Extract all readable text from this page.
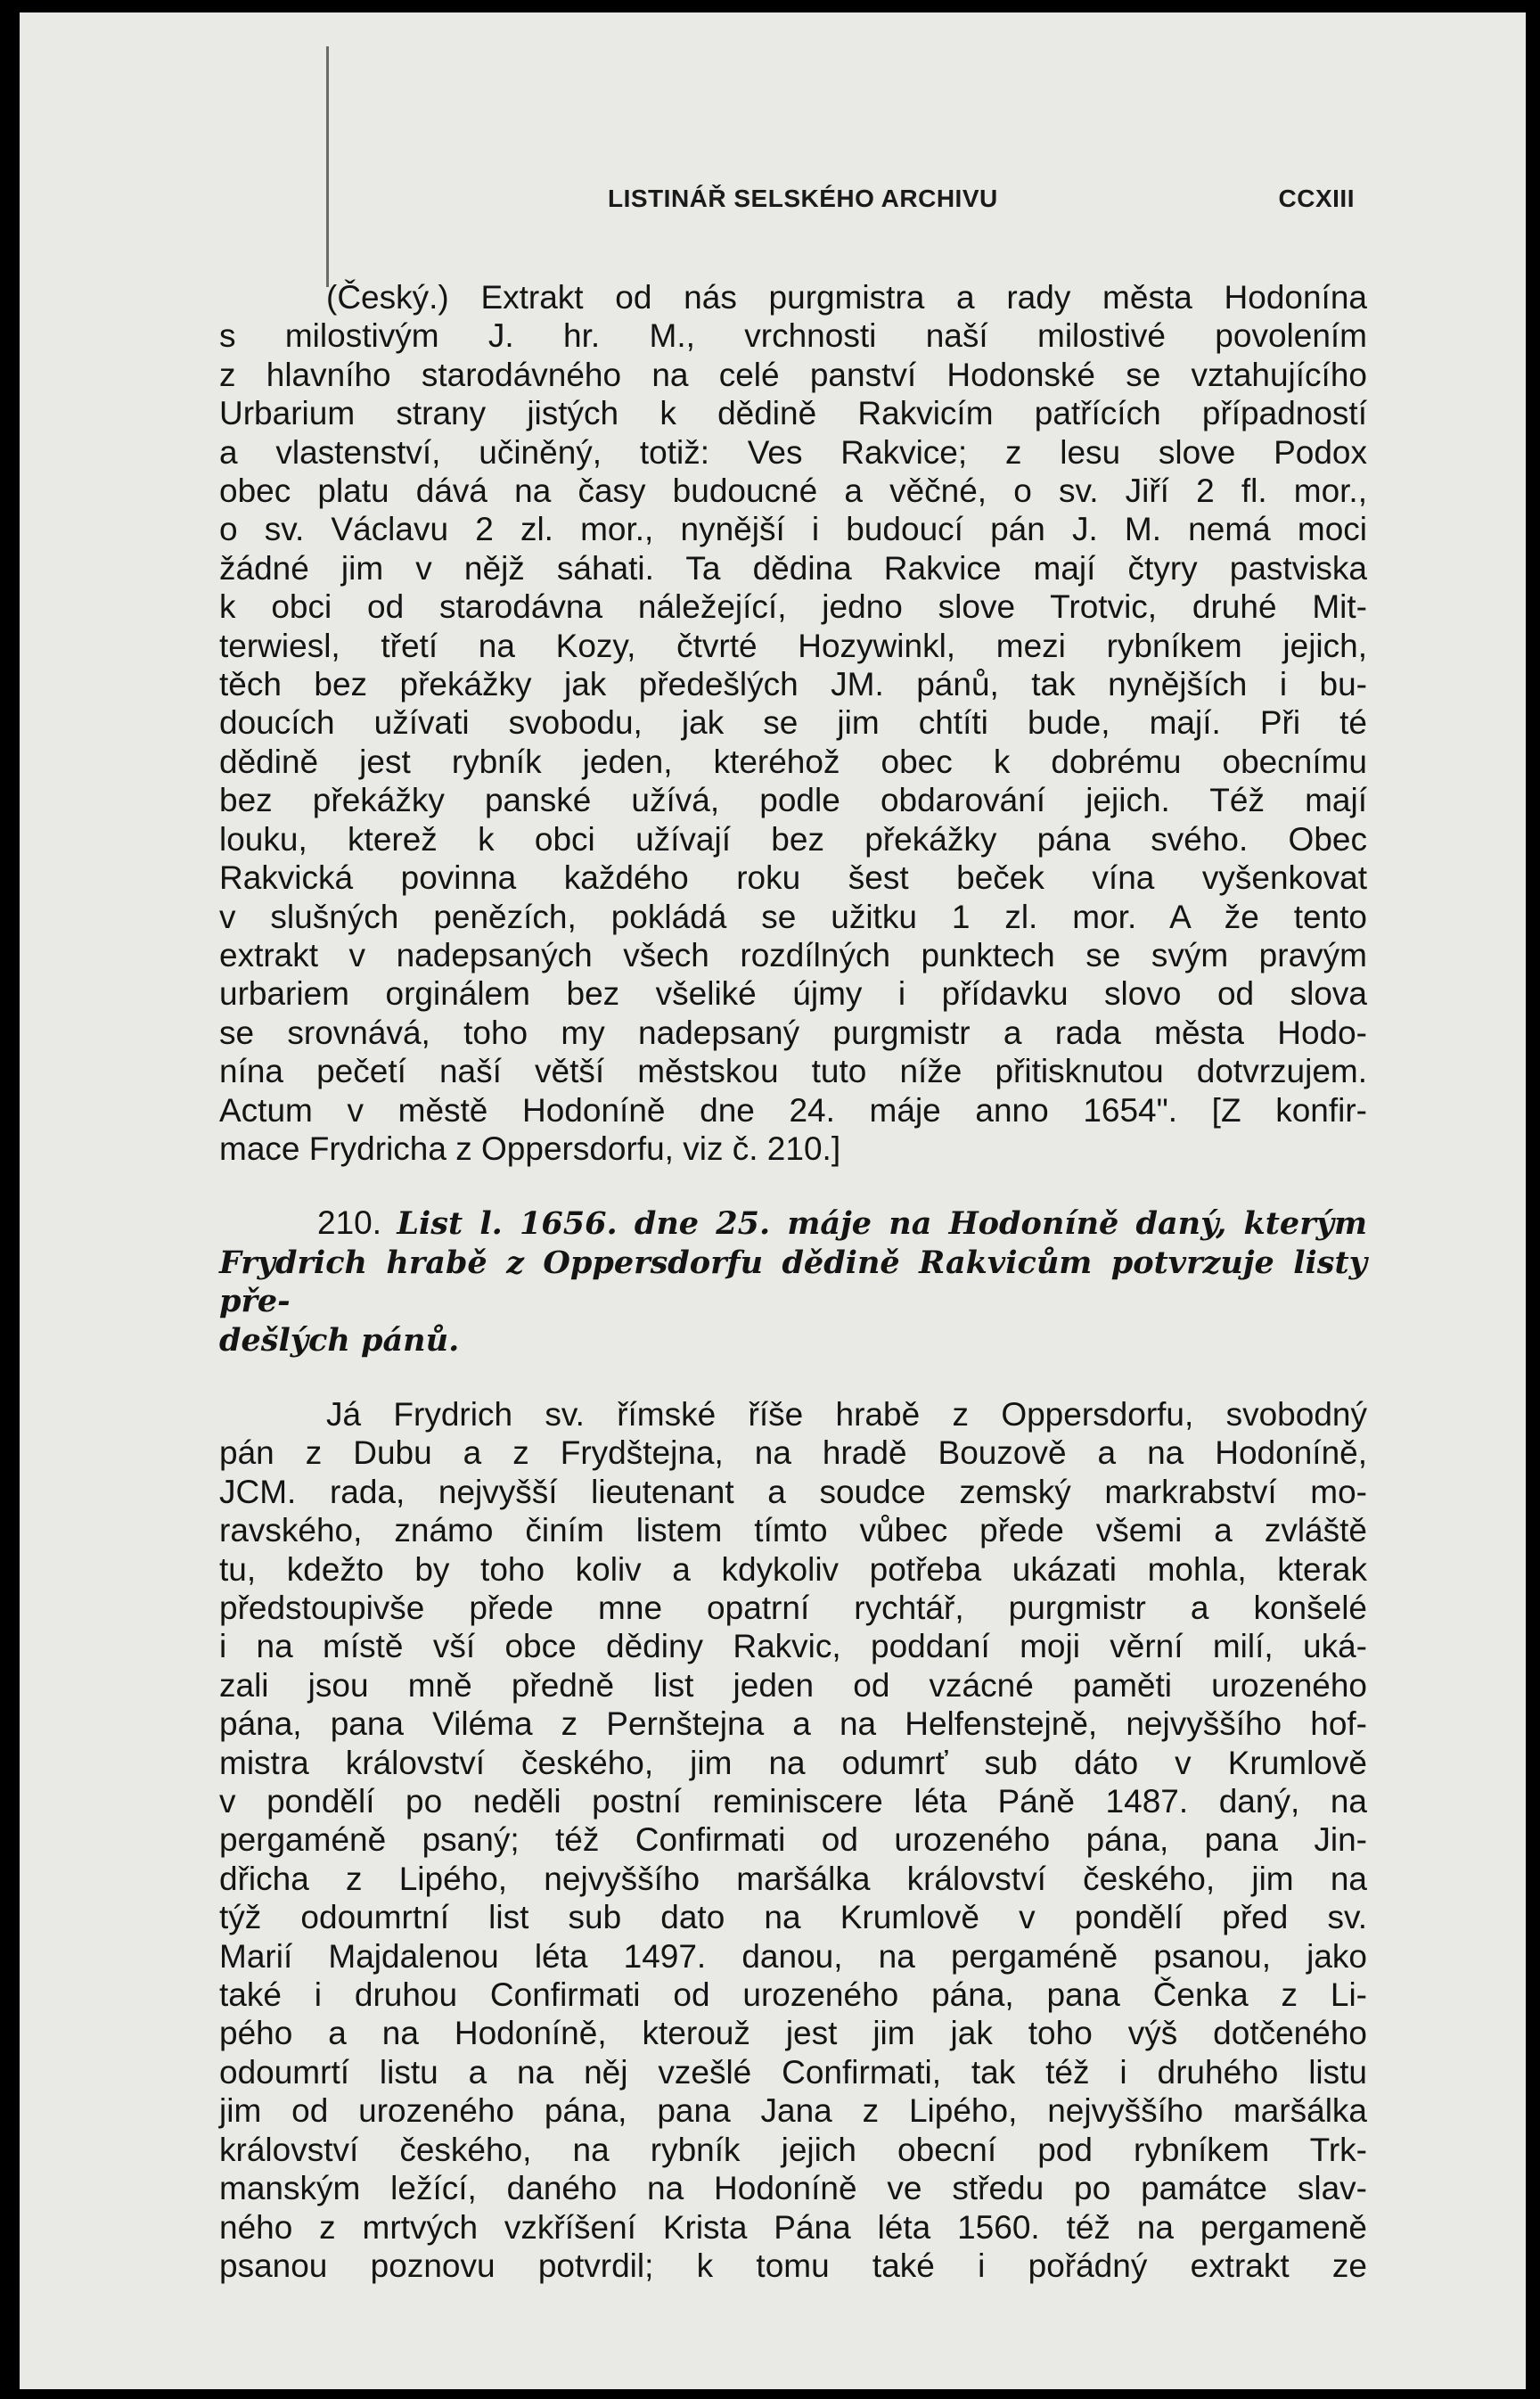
LISTINÁŘ SELSKÉHO ARCHIVU	CCXIII

(Český.) Extrakt od nás purgmistra a rady města Hodonína
s milostivým J. hr. M., vrchnosti naší milostivé povolením
z hlavního starodávného na celé panství Hodonské se vztahujícího
Urbarium strany jistých k dědině Rakvicím patřících případností
a vlastenství, učiněný, totiž: Ves Rakvice; z lesu slove Podox
obec platu dává na časy budoucné a věčné, o sv. Jiří 2 fl. mor.,
o sv. Václavu 2 zl. mor., nynější i budoucí pán J. M. nemá moci
žádné jim v nějž sáhati. Ta dědina Rakvice mají čtyry pastviska
k obci od starodávna náležející, jedno slove Trotvic, druhé Mit-
terwiesl, třetí na Kozy, čtvrté Hozywinkl, mezi rybníkem jejich,
těch bez překážky jak předešlých JM. pánů, tak nynějších i bu-
doucích užívati svobodu, jak se jim chtíti bude, mají. Při té
dědině jest rybník jeden, kteréhož obec k dobrému obecnímu
bez překážky panské užívá, podle obdarování jejich. Též mají
louku, kterež k obci užívají bez překážky pána svého. Obec
Rakvická povinna každého roku šest beček vína vyšenkovat
v slušných penězích, pokládá se užitku 1 zl. mor. A že tento
extrakt v nadepsaných všech rozdílných punktech se svým pravým
urbariem orginálem bez všeliké újmy i přídavku slovo od slova
se srovnává, toho my nadepsaný purgmistr a rada města Hodo-
nína pečetí naší větší městskou tuto níže přitisknutou dotvrzujem.
Actum v městě Hodoníně dne 24. máje anno 1654". [Z konfir-
mace Frydricha z Oppersdorfu, viz č. 210.]

210. List l. 1656. dne 25. máje na Hodoníně daný, kterým
Frydrich hrabě z Oppersdorfu dědině Rakvicům potvrzuje listy pře-
dešlých pánů.

Já Frydrich sv. římské říše hrabě z Oppersdorfu, svobodný
pán z Dubu a z Frydštejna, na hradě Bouzově a na Hodoníně,
JCM. rada, nejvyšší lieutenant a soudce zemský markrabství mo-
ravského, známo činím listem tímto vůbec přede všemi a zvláště
tu, kdežto by toho koliv a kdykoliv potřeba ukázati mohla, kterak
předstoupivše přede mne opatrní rychtář, purgmistr a konšelé
i na místě vší obce dědiny Rakvic, poddaní moji věrní milí, uká-
zali jsou mně předně list jeden od vzácné paměti urozeného
pána, pana Viléma z Pernštejna a na Helfenstejně, nejvyššího hof-
mistra království českého, jim na odumrť sub dáto v Krumlově
v pondělí po neděli postní reminiscere léta Páně 1487. daný, na
pergaméně psaný; též Confirmati od urozeného pána, pana Jin-
dřicha z Lipého, nejvyššího maršálka království českého, jim na
týž odoumrtní list sub dato na Krumlově v pondělí před sv.
Marií Majdalenou léta 1497. danou, na pergaméně psanou, jako
také i druhou Confirmati od urozeného pána, pana Čenka z Li-
pého a na Hodoníně, kterouž jest jim jak toho výš dotčeného
odoumrtí listu a na něj vzešlé Confirmati, tak též i druhého listu
jim od urozeného pána, pana Jana z Lipého, nejvyššího maršálka
království českého, na rybník jejich obecní pod rybníkem Trk-
manským ležící, daného na Hodoníně ve středu po památce slav-
ného z mrtvých vzkříšení Krista Pána léta 1560. též na pergameně
psanou poznovu potvrdil; k tomu také i pořádný extrakt ze
